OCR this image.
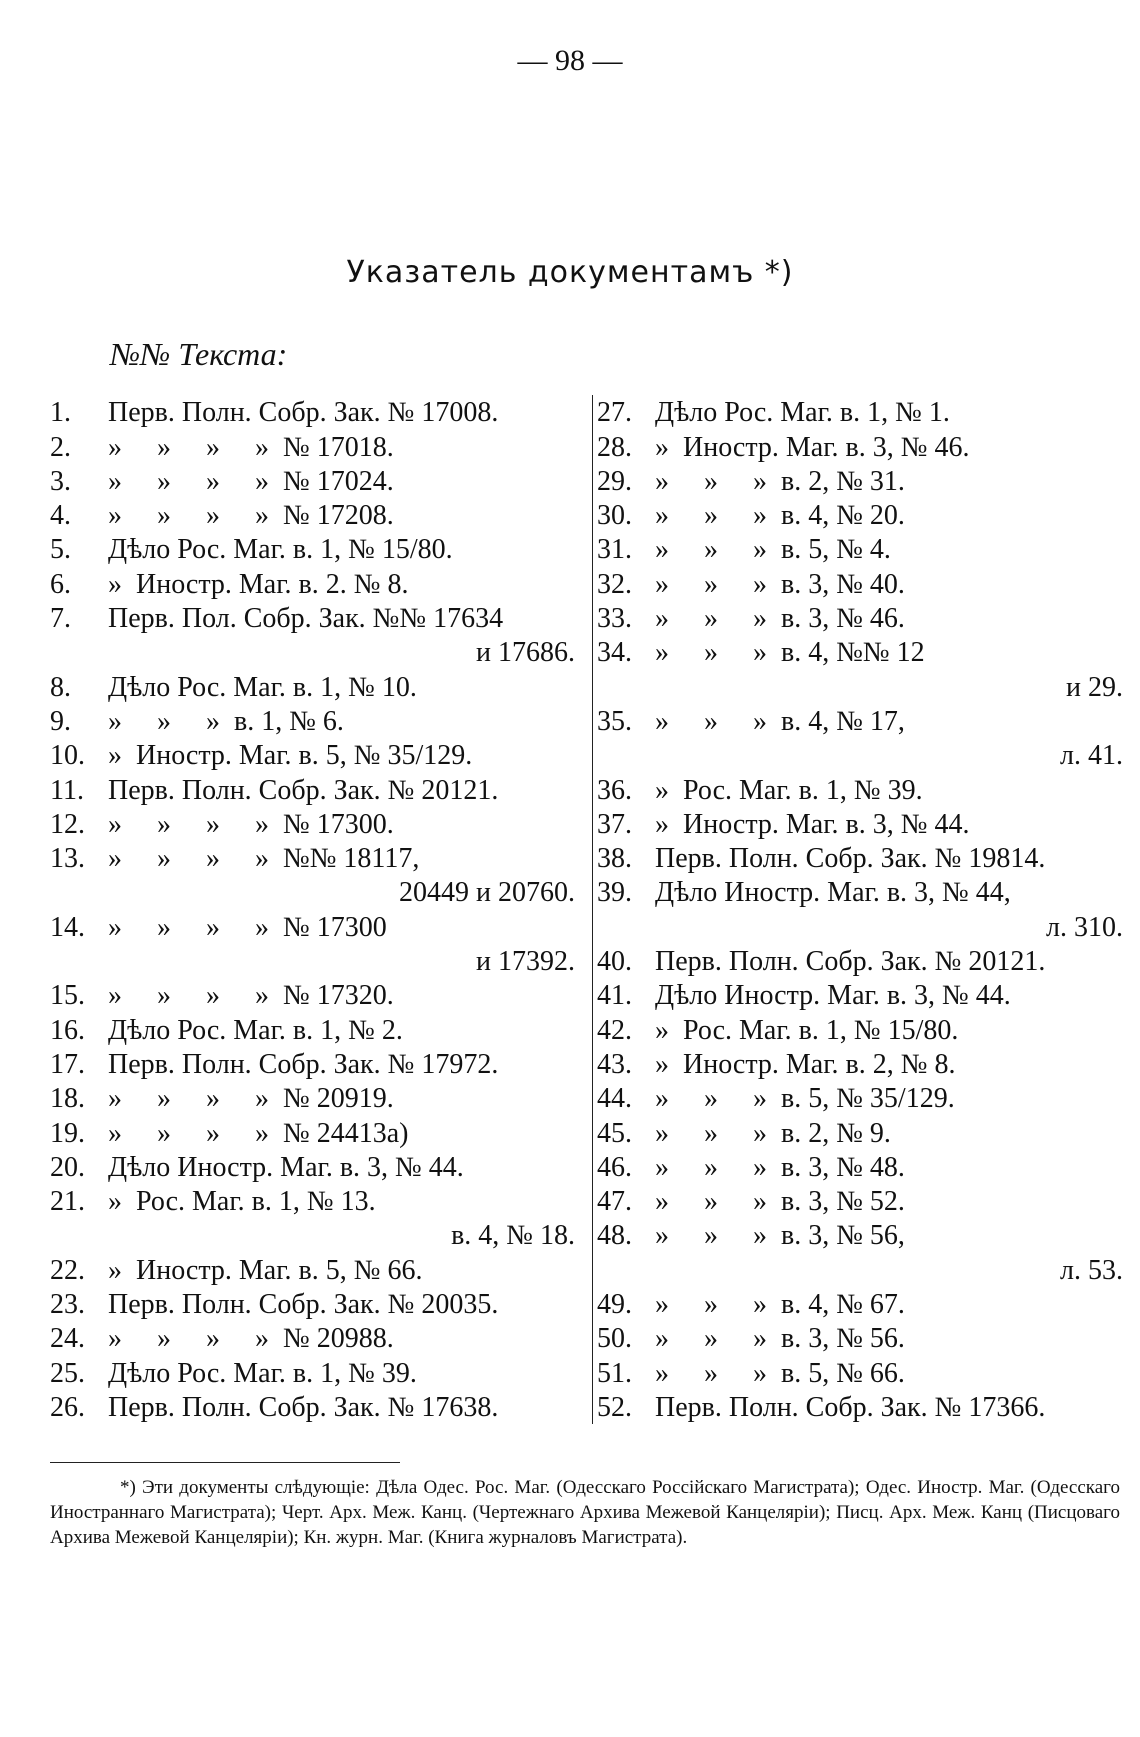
— 98 —
Указатель документамъ *)
№№ Текста:
1.	Перв. Полн. Собр. Зак. № 17008.
2.	»     »     »     »  № 17018.
3.	»     »     »     »  № 17024.
4.	»     »     »     »  № 17208.
5.	Дѣло Рос. Маг. в. 1, № 15/80.
6.	»  Иностр. Маг. в. 2. № 8.
7.	Перв. Пол. Собр. Зак. №№ 17634
и 17686.
8.	Дѣло Рос. Маг. в. 1, № 10.
9.	»     »     »  в. 1, № 6.
10. »  Иностр. Маг. в. 5, № 35/129.
11. Перв. Полн. Собр. Зак. № 20121.
12. »     »     »     »  № 17300.
13. »     »     »     »  №№ 18117,
20449 и 20760.
14. »     »     »     »  № 17300
и 17392.
15. »     »     »     »  № 17320.
16. Дѣло Рос. Маг. в. 1, № 2.
17. Перв. Полн. Собр. Зак. № 17972.
18. »     »     »     »  № 20919.
19. »     »     »     »  № 24413а)
20. Дѣло Иностр. Маг. в. 3, № 44.
21. »  Рос. Маг. в. 1, № 13.
в. 4, № 18.
22. »  Иностр. Маг. в. 5, № 66.
23. Перв. Полн. Собр. Зак. № 20035.
24. »     »     »     »  № 20988.
25. Дѣло Рос. Маг. в. 1, № 39.
26. Перв. Полн. Собр. Зак. № 17638.
27. Дѣло Рос. Маг. в. 1, № 1.
28. »  Иностр. Маг. в. 3, № 46.
29. »     »     »  в. 2, № 31.
30. »     »     »  в. 4, № 20.
31. »     »     »  в. 5, № 4.
32. »     »     »  в. 3, № 40.
33. »     »     »  в. 3, № 46.
34. »     »     »  в. 4, №№ 12
и 29.
35. »     »     »  в. 4, № 17,
л. 41.
36. »  Рос. Маг. в. 1, № 39.
37. »  Иностр. Маг. в. 3, № 44.
38. Перв. Полн. Собр. Зак. № 19814.
39. Дѣло Иностр. Маг. в. 3, № 44,
л. 310.
40. Перв. Полн. Собр. Зак. № 20121.
41. Дѣло Иностр. Маг. в. 3, № 44.
42. »  Рос. Маг. в. 1, № 15/80.
43. »  Иностр. Маг. в. 2, № 8.
44. »     »     »  в. 5, № 35/129.
45. »     »     »  в. 2, № 9.
46. »     »     »  в. 3, № 48.
47. »     »     »  в. 3, № 52.
48. »     »     »  в. 3, № 56,
л. 53.
49. »     »     »  в. 4, № 67.
50. »     »     »  в. 3, № 56.
51. »     »     »  в. 5, № 66.
52. Перв. Полн. Собр. Зак. № 17366.
*) Эти документы слѣдующіе: Дѣла Одес. Рос. Маг. (Одесскаго Россійскаго Магистрата); Одес. Иностр. Маг. (Одесскаго Иностраннаго Магистрата); Черт. Арх. Меж. Канц. (Чертежнаго Архива Межевой Канцеляріи); Писц. Арх. Меж. Канц (Писцоваго Архива Межевой Канцеляріи); Кн. журн. Маг. (Книга журналовъ Магистрата).
